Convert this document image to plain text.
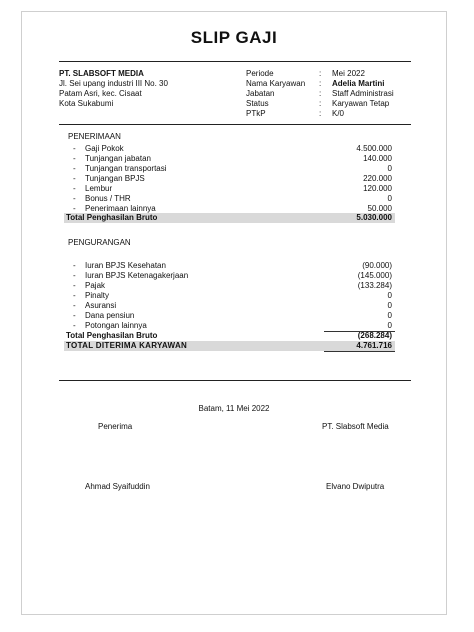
SLIP GAJI
PT. SLABSOFT MEDIA
Jl. Sei upang industri III No. 30
Patam Asri, kec. Cisaat
Kota Sukabumi
Periode	: Mei 2022
Nama Karyawan : Adelia Martini
Jabatan	: Staff Administrasi
Status	: Karyawan Tetap
PTkP	: K/0
PENERIMAAN
- Gaji Pokok	4.500.000
- Tunjangan jabatan	140.000
- Tunjangan transportasi	0
- Tunjangan BPJS	220.000
- Lembur	120.000
- Bonus / THR	0
- Penerimaan lainnya	50.000
Total Penghasilan Bruto	5.030.000
PENGURANGAN
- Iuran BPJS Kesehatan	(90.000)
- Iuran BPJS Ketenagakerjaan	(145.000)
- Pajak	(133.284)
- Pinalty	0
- Asuransi	0
- Dana pensiun	0
- Potongan lainnya	0
Total Penghasilan Bruto	(268.284)
TOTAL DITERIMA KARYAWAN	4.761.716
Batam, 11 Mei 2022
Penerima	PT. Slabsoft Media
Ahmad Syaifuddin	Elvano Dwiputra
